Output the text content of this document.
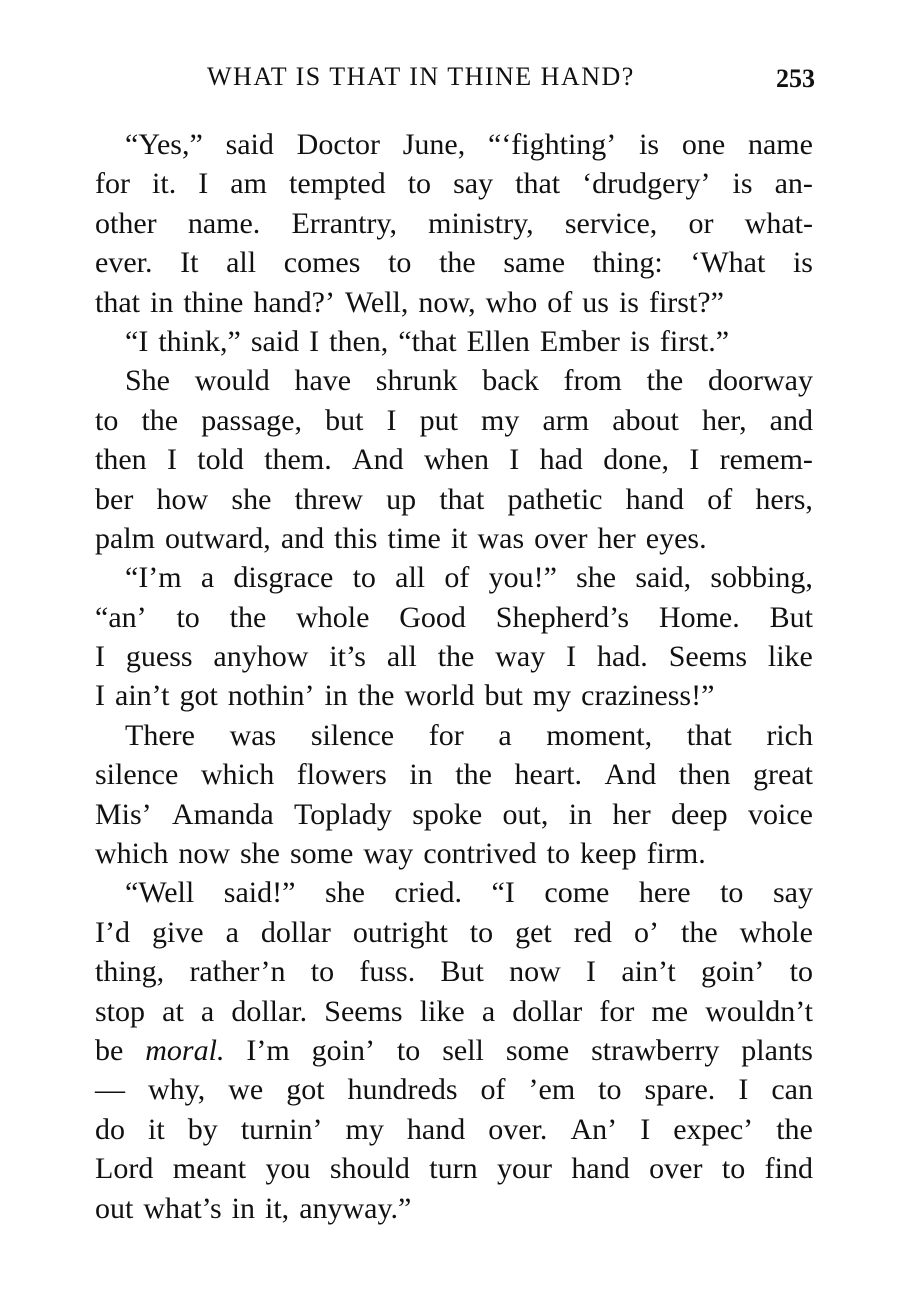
WHAT IS THAT IN THINE HAND?	253
“Yes,” said Doctor June, “‘fighting’ is one name
for it. I am tempted to say that ‘drudgery’ is an-
other name. Errantry, ministry, service, or what-
ever. It all comes to the same thing: ‘What is
that in thine hand?’ Well, now, who of us is first?”
“I think,” said I then, “that Ellen Ember is first.”
She would have shrunk back from the doorway
to the passage, but I put my arm about her, and
then I told them. And when I had done, I remem-
ber how she threw up that pathetic hand of hers,
palm outward, and this time it was over her eyes.
“I’m a disgrace to all of you!” she said, sobbing,
“an’ to the whole Good Shepherd’s Home. But
I guess anyhow it’s all the way I had. Seems like
I ain’t got nothin’ in the world but my craziness!”
There was silence for a moment, that rich
silence which flowers in the heart. And then great
Mis’ Amanda Toplady spoke out, in her deep voice
which now she some way contrived to keep firm.
“Well said!” she cried. “I come here to say
I’d give a dollar outright to get red o’ the whole
thing, rather’n to fuss. But now I ain’t goin’ to
stop at a dollar. Seems like a dollar for me wouldn’t
be moral. I’m goin’ to sell some strawberry plants
— why, we got hundreds of ’em to spare. I can
do it by turnin’ my hand over. An’ I expec’ the
Lord meant you should turn your hand over to find
out what’s in it, anyway.”
